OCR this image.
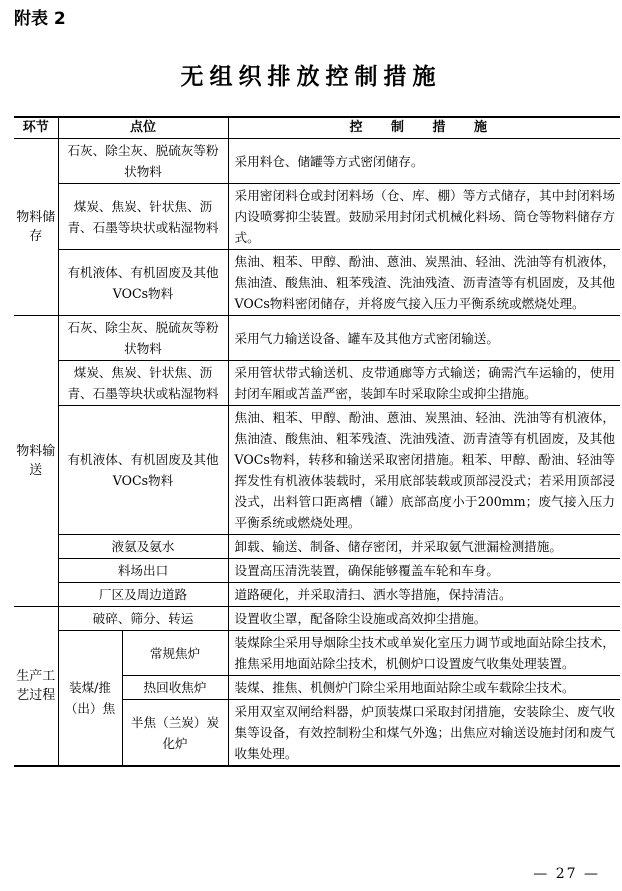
附表 2
无组织排放控制措施
环节	点位		控 制 措 施
物料储存	石灰、除尘灰、脱硫灰等粉状物料		采用料仓、储罐等方式密闭储存。
	煤炭、焦炭、针状焦、沥青、石墨等块状或粘湿物料		采用密闭料仓或封闭料场（仓、库、棚）等方式储存，其中封闭料场内设喷雾抑尘装置。鼓励采用封闭式机械化料场、筒仓等物料储存方式。
	有机液体、有机固废及其他VOCs物料		焦油、粗苯、甲醇、酚油、蒽油、炭黑油、轻油、洗油等有机液体，焦油渣、酸焦油、粗苯残渣、洗油残渣、沥青渣等有机固废，及其他VOCs物料密闭储存，并将废气接入压力平衡系统或燃烧处理。
物料输送	石灰、除尘灰、脱硫灰等粉状物料		采用气力输送设备、罐车及其他方式密闭输送。
	煤炭、焦炭、针状焦、沥青、石墨等块状或粘湿物料		采用管状带式输送机、皮带通廊等方式输送；确需汽车运输的，使用封闭车厢或苫盖严密，装卸车时采取除尘或抑尘措施。
	有机液体、有机固废及其他VOCs物料		焦油、粗苯、甲醇、酚油、蒽油、炭黑油、轻油、洗油等有机液体，焦油渣、酸焦油、粗苯残渣、洗油残渣、沥青渣等有机固废，及其他VOCs物料，转移和输送采取密闭措施。粗苯、甲醇、酚油、轻油等挥发性有机液体装载时，采用底部装载或顶部浸没式；若采用顶部浸没式，出料管口距离槽（罐）底部高度小于200mm；废气接入压力平衡系统或燃烧处理。
	液氨及氨水		卸载、输送、制备、储存密闭，并采取氨气泄漏检测措施。
	料场出口		设置高压清洗装置，确保能够覆盖车轮和车身。
	厂区及周边道路		道路硬化，并采取清扫、洒水等措施，保持清洁。
生产工艺过程	破碎、筛分、转运		设置收尘罩，配备除尘设施或高效抑尘措施。
	装煤/推（出）焦	常规焦炉	装煤除尘采用导烟除尘技术或单炭化室压力调节或地面站除尘技术，推焦采用地面站除尘技术，机侧炉口设置废气收集处理装置。
		热回收焦炉	装煤、推焦、机侧炉门除尘采用地面站除尘或车载除尘技术。
		半焦（兰炭）炭化炉	采用双室双闸给料器，炉顶装煤口采取封闭措施，安装除尘、废气收集等设备，有效控制粉尘和煤气外逸；出焦应对输送设施封闭和废气收集处理。
— 27 —
